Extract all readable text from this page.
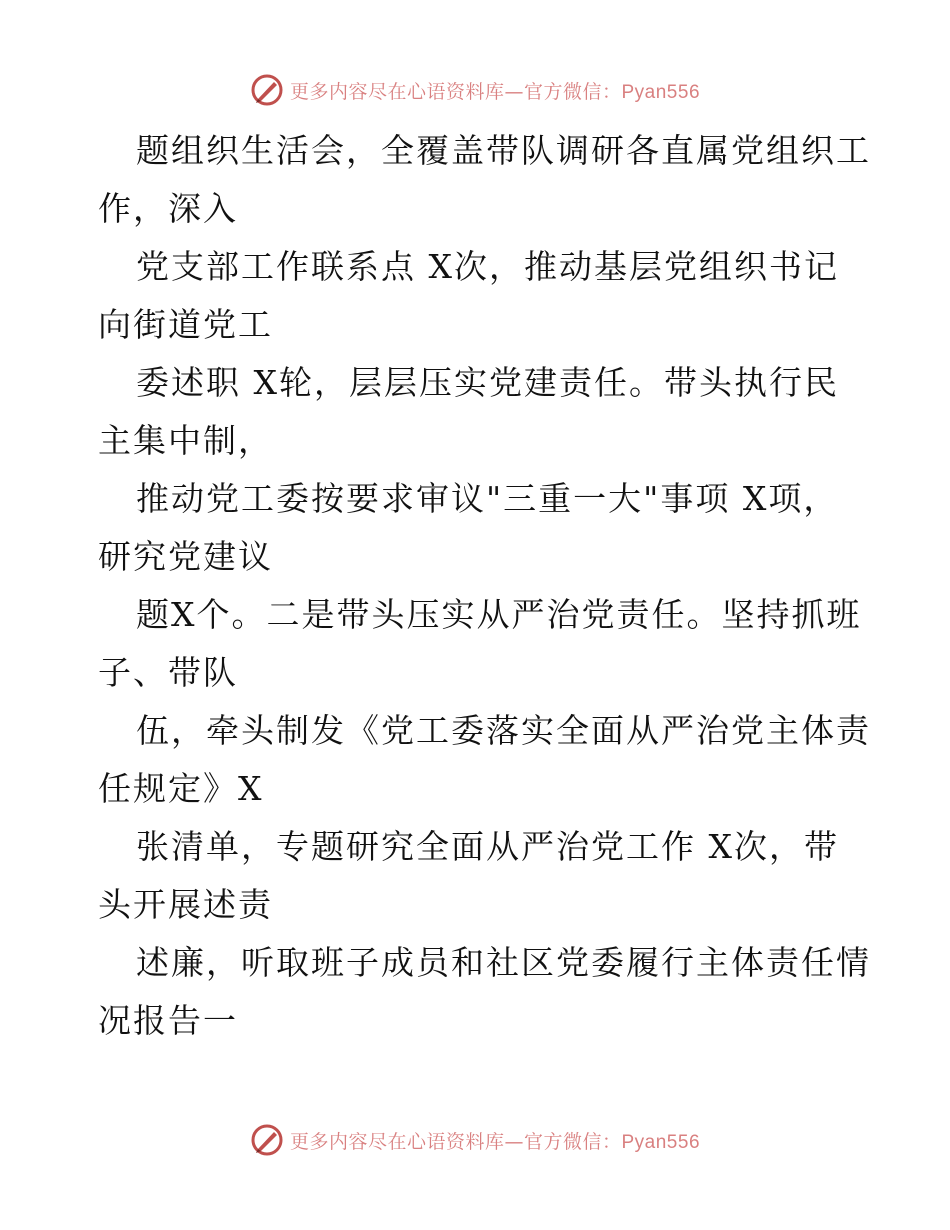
更多内容尽在心语资料库—官方微信：Pyan556
题组织生活会，全覆盖带队调研各直属党组织工
作，深入
党支部工作联系点 X次，推动基层党组织书记
向街道党工
委述职 X轮，层层压实党建责任。带头执行民
主集中制，
推动党工委按要求审议"三重一大"事项 X项，
研究党建议
题X个。二是带头压实从严治党责任。坚持抓班
子、带队
伍，牵头制发《党工委落实全面从严治党主体责
任规定》X
张清单，专题研究全面从严治党工作 X次，带
头开展述责
述廉，听取班子成员和社区党委履行主体责任情
况报告一
更多内容尽在心语资料库—官方微信：Pyan556
